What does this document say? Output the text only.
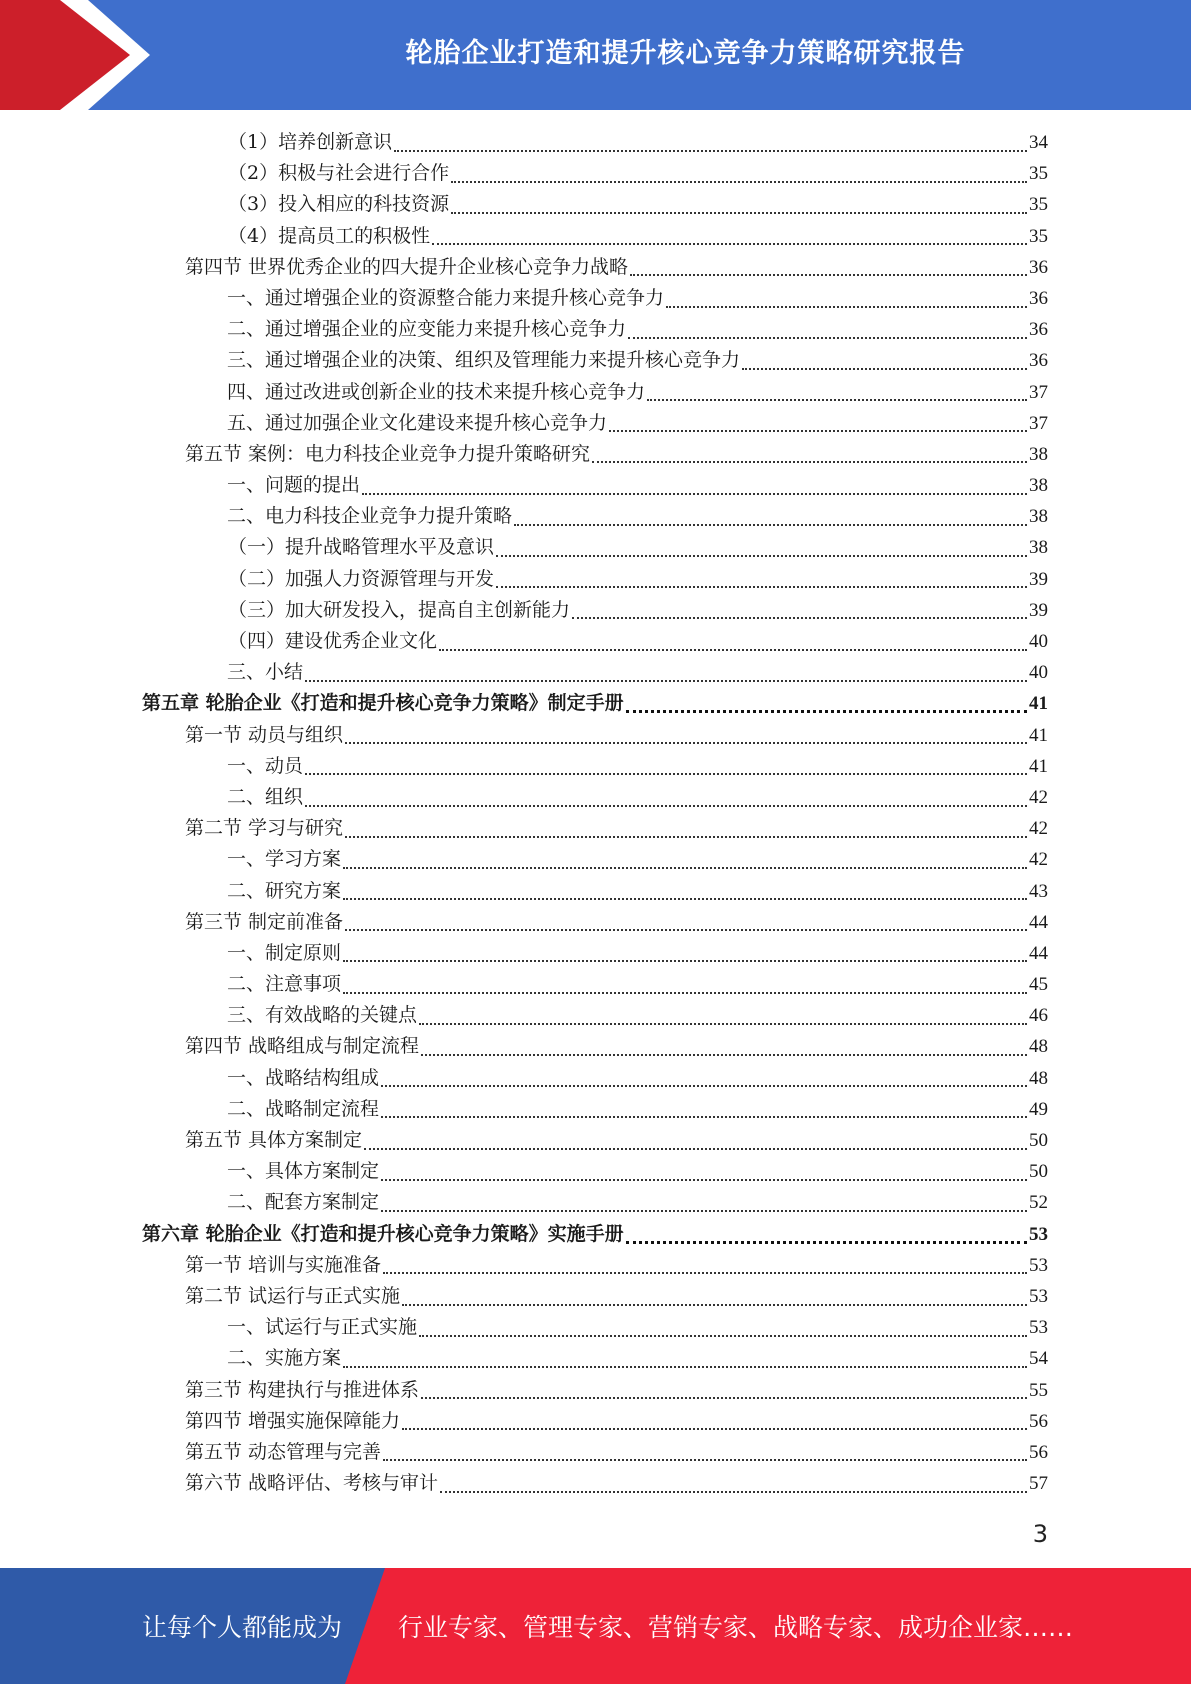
轮胎企业打造和提升核心竞争力策略研究报告
（1）培养创新意识	34
（2）积极与社会进行合作	35
（3）投入相应的科技资源	35
（4）提高员工的积极性	35
第四节 世界优秀企业的四大提升企业核心竞争力战略	36
一、通过增强企业的资源整合能力来提升核心竞争力	36
二、通过增强企业的应变能力来提升核心竞争力	36
三、通过增强企业的决策、组织及管理能力来提升核心竞争力	36
四、通过改进或创新企业的技术来提升核心竞争力	37
五、通过加强企业文化建设来提升核心竞争力	37
第五节 案例：电力科技企业竞争力提升策略研究	38
一、问题的提出	38
二、电力科技企业竞争力提升策略	38
（一）提升战略管理水平及意识	38
（二）加强人力资源管理与开发	39
（三）加大研发投入，提高自主创新能力	39
（四）建设优秀企业文化	40
三、小结	40
第五章 轮胎企业《打造和提升核心竞争力策略》制定手册	41
第一节 动员与组织	41
一、动员	41
二、组织	42
第二节 学习与研究	42
一、学习方案	42
二、研究方案	43
第三节 制定前准备	44
一、制定原则	44
二、注意事项	45
三、有效战略的关键点	46
第四节 战略组成与制定流程	48
一、战略结构组成	48
二、战略制定流程	49
第五节 具体方案制定	50
一、具体方案制定	50
二、配套方案制定	52
第六章 轮胎企业《打造和提升核心竞争力策略》实施手册	53
第一节 培训与实施准备	53
第二节 试运行与正式实施	53
一、试运行与正式实施	53
二、实施方案	54
第三节 构建执行与推进体系	55
第四节 增强实施保障能力	56
第五节 动态管理与完善	56
第六节 战略评估、考核与审计	57
3
让每个人都能成为 行业专家、管理专家、营销专家、战略专家、成功企业家……
